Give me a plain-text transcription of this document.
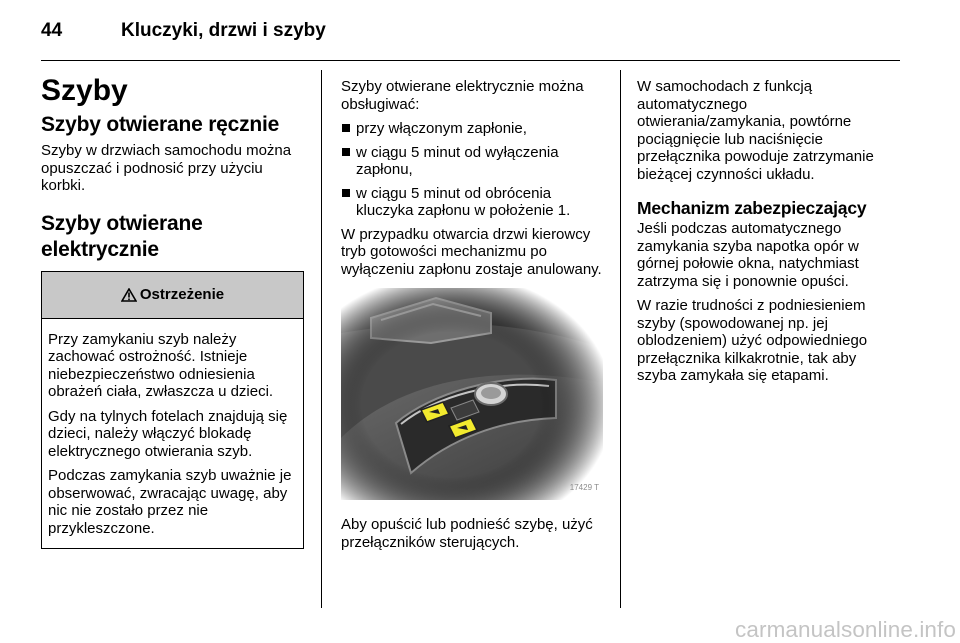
44	Kluczyki, drzwi i szyby
Szyby
Szyby otwierane ręcznie

Szyby w drzwiach samochodu można opuszczać i podnosić przy użyciu korbki.

Szyby otwierane
elektrycznie
Ostrzeżenie

Przy zamykaniu szyb należy zachować ostrożność. Istnieje niebezpieczeństwo odniesienia obrażeń ciała, zwłaszcza u dzieci.

Gdy na tylnych fotelach znajdują się dzieci, należy włączyć blokadę elektrycznego otwierania szyb.

Podczas zamykania szyb uważnie je obserwować, zwracając uwagę, aby nic nie zostało przez nie przykleszczone.

Szyby otwierane elektrycznie można obsługiwać:

przy włączonym zapłonie,
w ciągu 5 minut od wyłączenia zapłonu,
w ciągu 5 minut od obrócenia kluczyka zapłonu w położenie 1.

W przypadku otwarcia drzwi kierowcy tryb gotowości mechanizmu po wyłączeniu zapłonu zostaje anulowany.

17429 T

Aby opuścić lub podnieść szybę, użyć przełączników sterujących.

W samochodach z funkcją automatycznego otwierania/zamykania, powtórne pociągnięcie lub naciśnięcie przełącznika powoduje zatrzymanie bieżącej czynności układu.

Mechanizm zabezpieczający

Jeśli podczas automatycznego zamykania szyba napotka opór w górnej połowie okna, natychmiast zatrzyma się i ponownie opuści.

W razie trudności z podniesieniem szyby (spowodowanej np. jej oblodzeniem) użyć odpowiedniego przełącznika kilkakrotnie, tak aby szyba zamykała się etapami.

carmanualsonline.info
